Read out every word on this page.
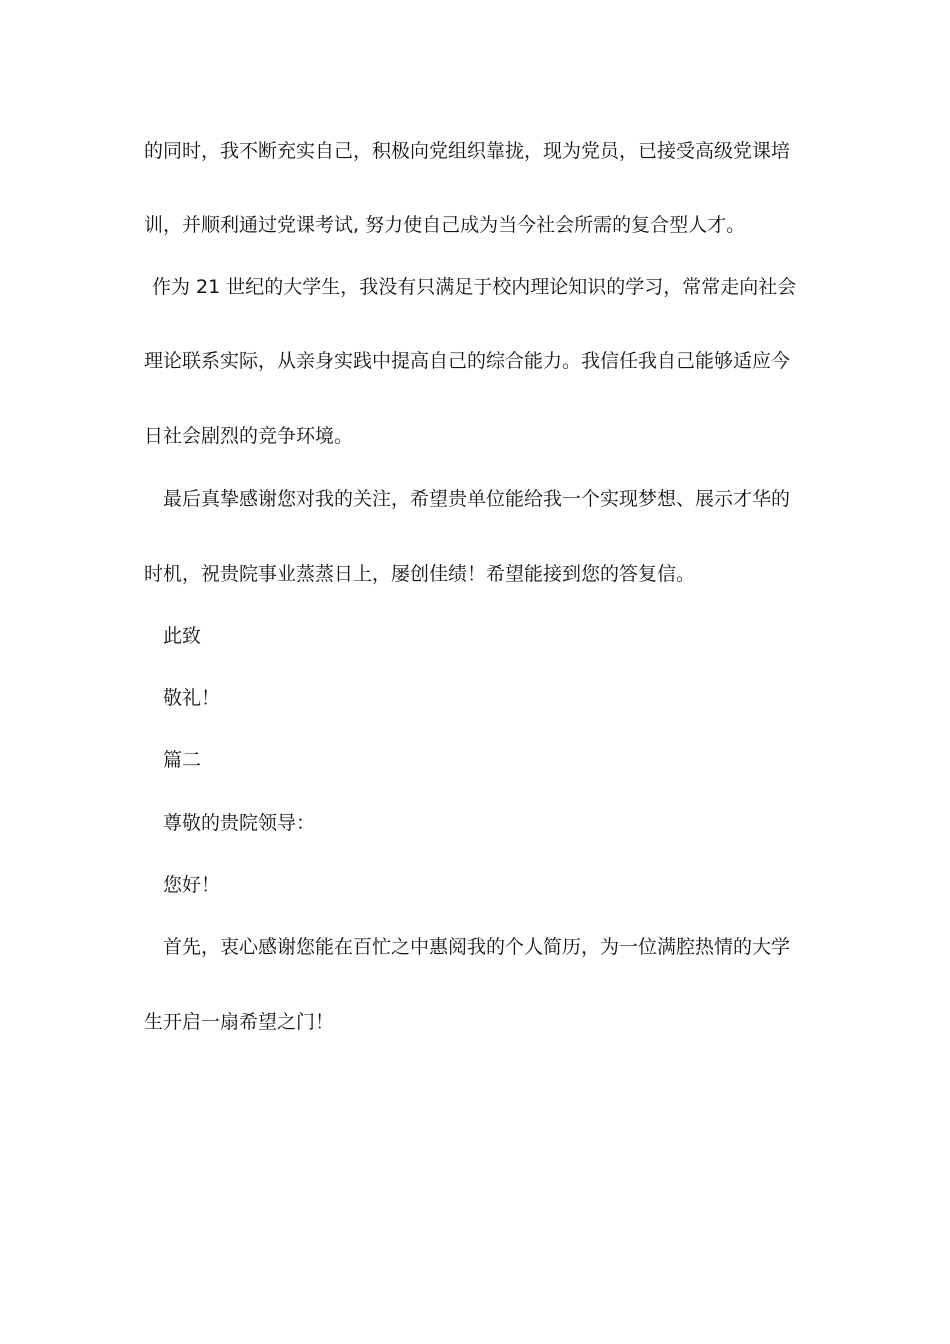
的同时，我不断充实自己，积极向党组织靠拢，现为党员，已接受高级党课培
训，并顺利通过党课考试, 努力使自己成为当今社会所需的复合型人才。
作为 21 世纪的大学生，我没有只满足于校内理论知识的学习，常常走向社会
理论联系实际，从亲身实践中提高自己的综合能力。我信任我自己能够适应今
日社会剧烈的竞争环境。
最后真挚感谢您对我的关注，希望贵单位能给我一个实现梦想、展示才华的
时机，祝贵院事业蒸蒸日上，屡创佳绩！希望能接到您的答复信。
此致
敬礼！
篇二
尊敬的贵院领导：
您好！
首先，衷心感谢您能在百忙之中惠阅我的个人简历，为一位满腔热情的大学
生开启一扇希望之门！
